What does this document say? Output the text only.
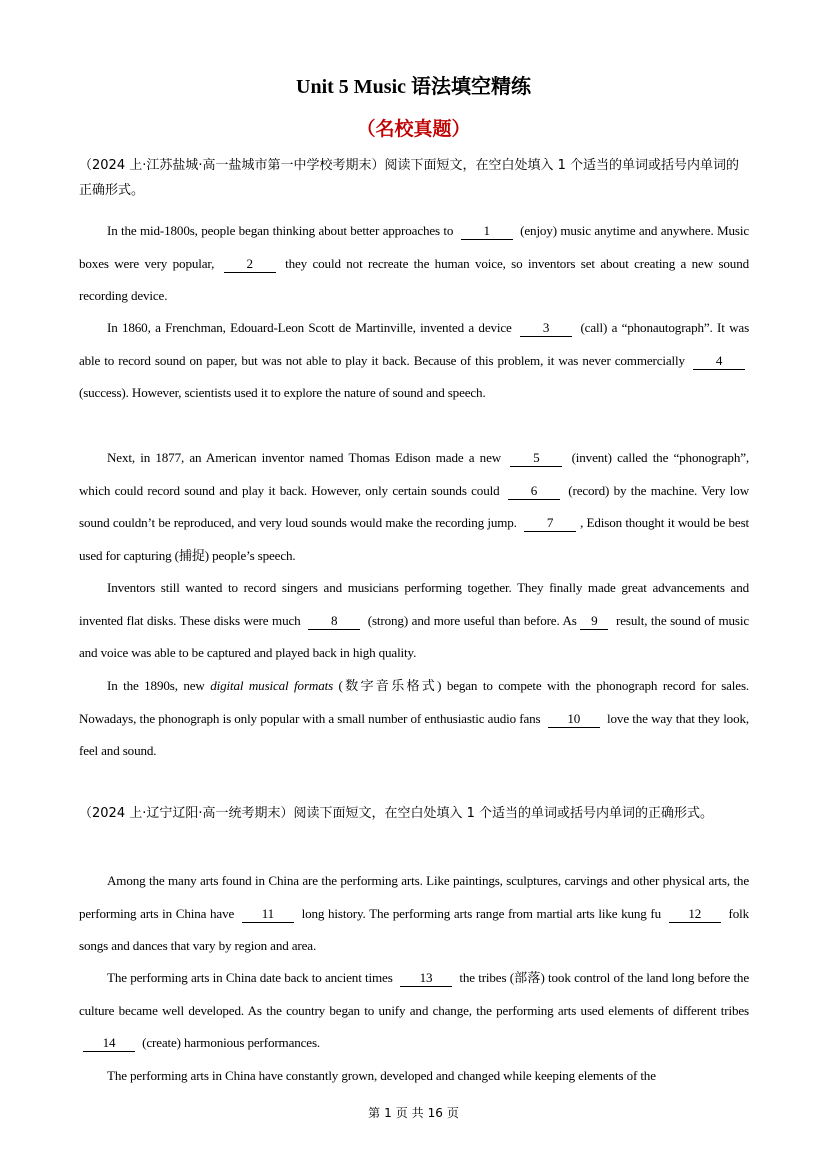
Unit 5 Music 语法填空精练
（名校真题）
（2024 上·江苏盐城·高一盐城市第一中学校考期末）阅读下面短文，在空白处填入 1 个适当的单词或括号内单词的正确形式。
In the mid-1800s, people began thinking about better approaches to 1 (enjoy) music anytime and anywhere. Music boxes were very popular, 2 they could not recreate the human voice, so inventors set about creating a new sound recording device.
In 1860, a Frenchman, Edouard-Leon Scott de Martinville, invented a device 3 (call) a “phonautograph”. It was able to record sound on paper, but was not able to play it back. Because of this problem, it was never commercially 4 (success). However, scientists used it to explore the nature of sound and speech.
Next, in 1877, an American inventor named Thomas Edison made a new 5 (invent) called the “phonograph”, which could record sound and play it back. However, only certain sounds could 6 (record) by the machine. Very low sound couldn’t be reproduced, and very loud sounds would make the recording jump. 7 , Edison thought it would be best used for capturing (捕捉) people’s speech.
Inventors still wanted to record singers and musicians performing together. They finally made great advancements and invented flat disks. These disks were much 8 (strong) and more useful than before. As 9 result, the sound of music and voice was able to be captured and played back in high quality.
In the 1890s, new digital musical formats (数字音乐格式) began to compete with the phonograph record for sales. Nowadays, the phonograph is only popular with a small number of enthusiastic audio fans 10 love the way that they look, feel and sound.
（2024 上·辽宁辽阳·高一统考期末）阅读下面短文，在空白处填入 1 个适当的单词或括号内单词的正确形式。
Among the many arts found in China are the performing arts. Like paintings, sculptures, carvings and other physical arts, the performing arts in China have 11 long history. The performing arts range from martial arts like kung fu 12 folk songs and dances that vary by region and area.
The performing arts in China date back to ancient times 13 the tribes (部落) took control of the land long before the culture became well developed. As the country began to unify and change, the performing arts used elements of different tribes 14 (create) harmonious performances.
The performing arts in China have constantly grown, developed and changed while keeping elements of the
第 1 页 共 16 页
